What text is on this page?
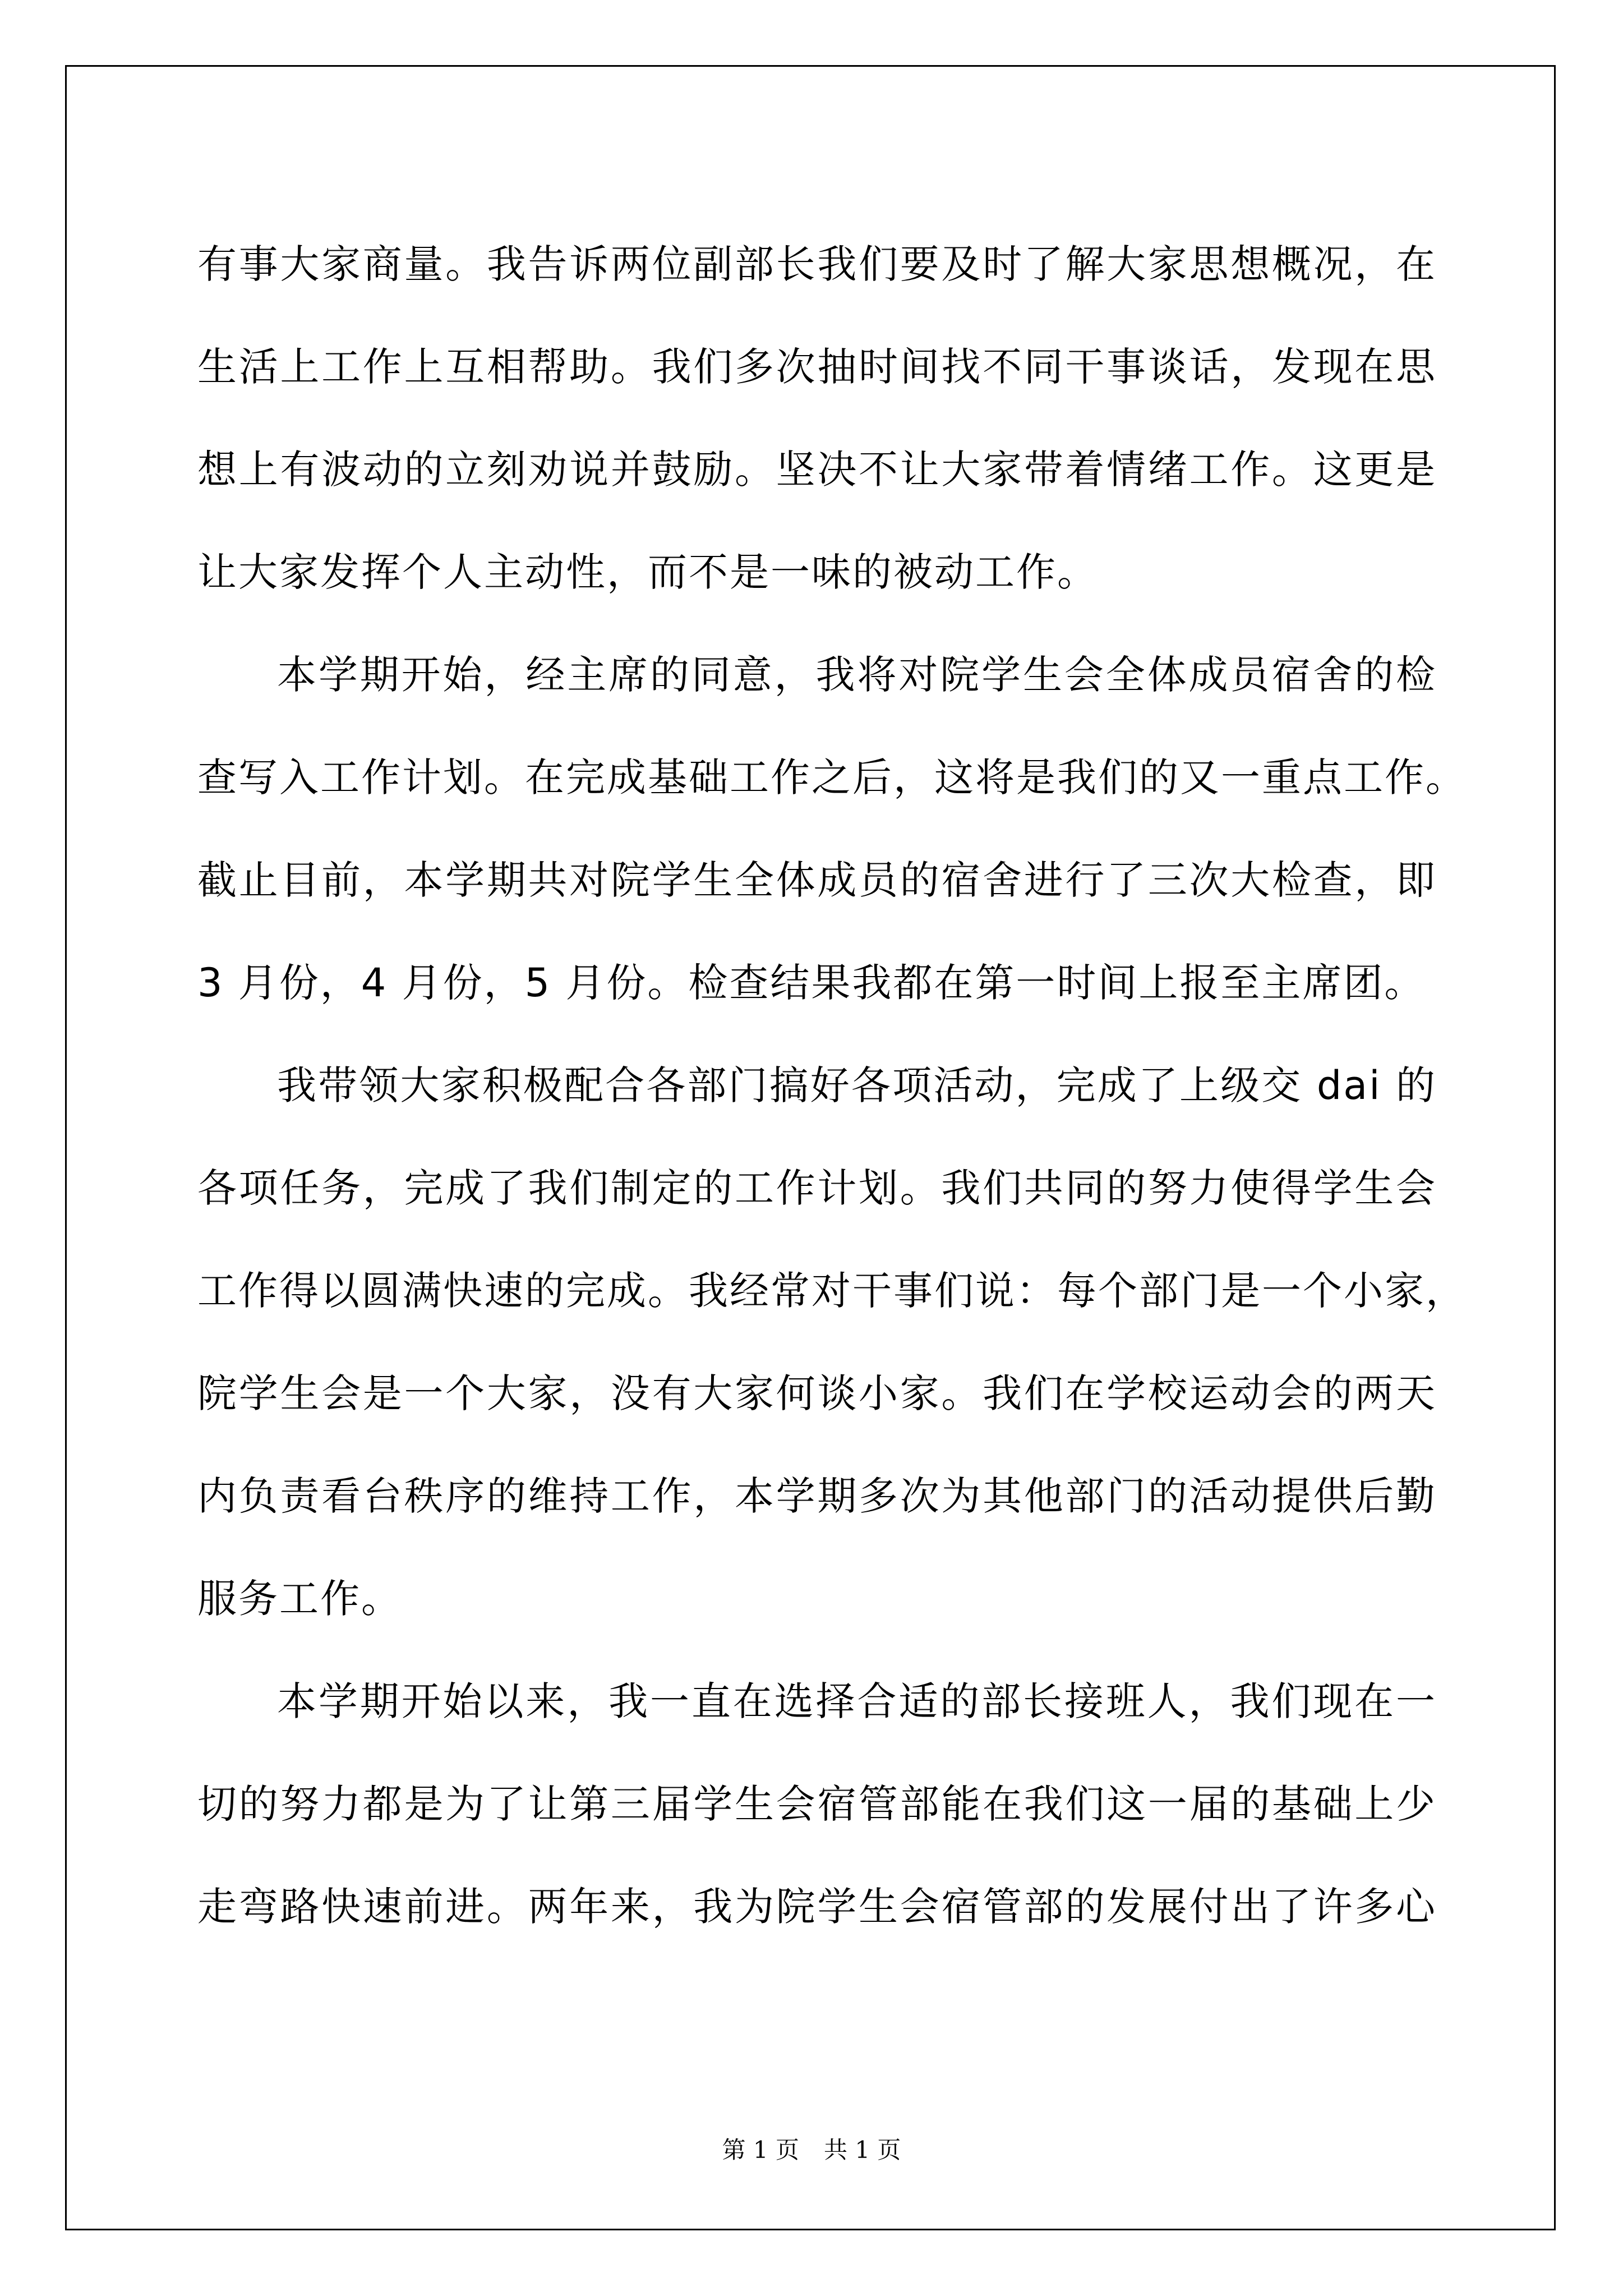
有事大家商量。我告诉两位副部长我们要及时了解大家思想概况，在
生活上工作上互相帮助。我们多次抽时间找不同干事谈话，发现在思
想上有波动的立刻劝说并鼓励。坚决不让大家带着情绪工作。这更是
让大家发挥个人主动性，而不是一味的被动工作。
本学期开始，经主席的同意，我将对院学生会全体成员宿舍的检
查写入工作计划。在完成基础工作之后，这将是我们的又一重点工作。
截止目前，本学期共对院学生全体成员的宿舍进行了三次大检查，即
3 月份，4 月份，5 月份。检查结果我都在第一时间上报至主席团。
我带领大家积极配合各部门搞好各项活动，完成了上级交 dai 的
各项任务，完成了我们制定的工作计划。我们共同的努力使得学生会
工作得以圆满快速的完成。我经常对干事们说：每个部门是一个小家，
院学生会是一个大家，没有大家何谈小家。我们在学校运动会的两天
内负责看台秩序的维持工作，本学期多次为其他部门的活动提供后勤
服务工作。
本学期开始以来，我一直在选择合适的部长接班人，我们现在一
切的努力都是为了让第三届学生会宿管部能在我们这一届的基础上少
走弯路快速前进。两年来，我为院学生会宿管部的发展付出了许多心
第 1 页 共 1 页
